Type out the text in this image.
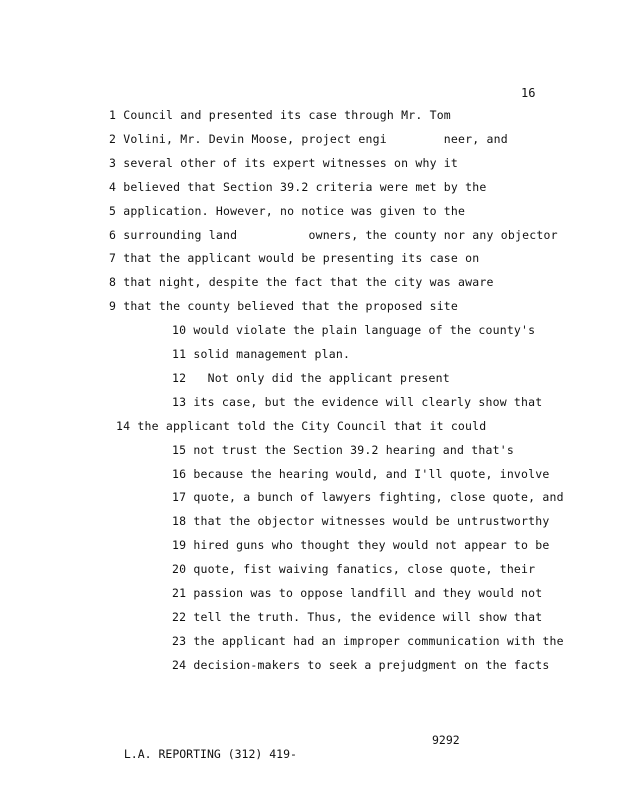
16
1 Council and presented its case through Mr. Tom
2 Volini, Mr. Devin Moose, project engi        neer, and
3 several other of its expert witnesses on why it
4 believed that Section 39.2 criteria were met by the
5 application. However, no notice was given to the
6 surrounding land          owners, the county nor any objector
7 that the applicant would be presenting its case on
8 that night, despite the fact that the city was aware
9 that the county believed that the proposed site
10 would violate the plain language of the county's
11 solid management plan.
12 Not only did the applicant present
13 its case, but the evidence will clearly show that
14 the applicant told the City Council that it could
15 not trust the Section 39.2 hearing and that's
16 because the hearing would, and I'll quote, involve
17 quote, a bunch of lawyers fighting, close quote, and
18 that the objector witnesses would be untrustworthy
19 hired guns who thought they would not appear to be
20 quote, fist waiving fanatics, close quote, their
21 passion was to oppose landfill and they would not
22 tell the truth. Thus, the evidence will show that
23 the applicant had an improper communication with the
24 decision-makers to seek a prejudgment on the facts

L.A. REPORTING (312) 419-

9292
